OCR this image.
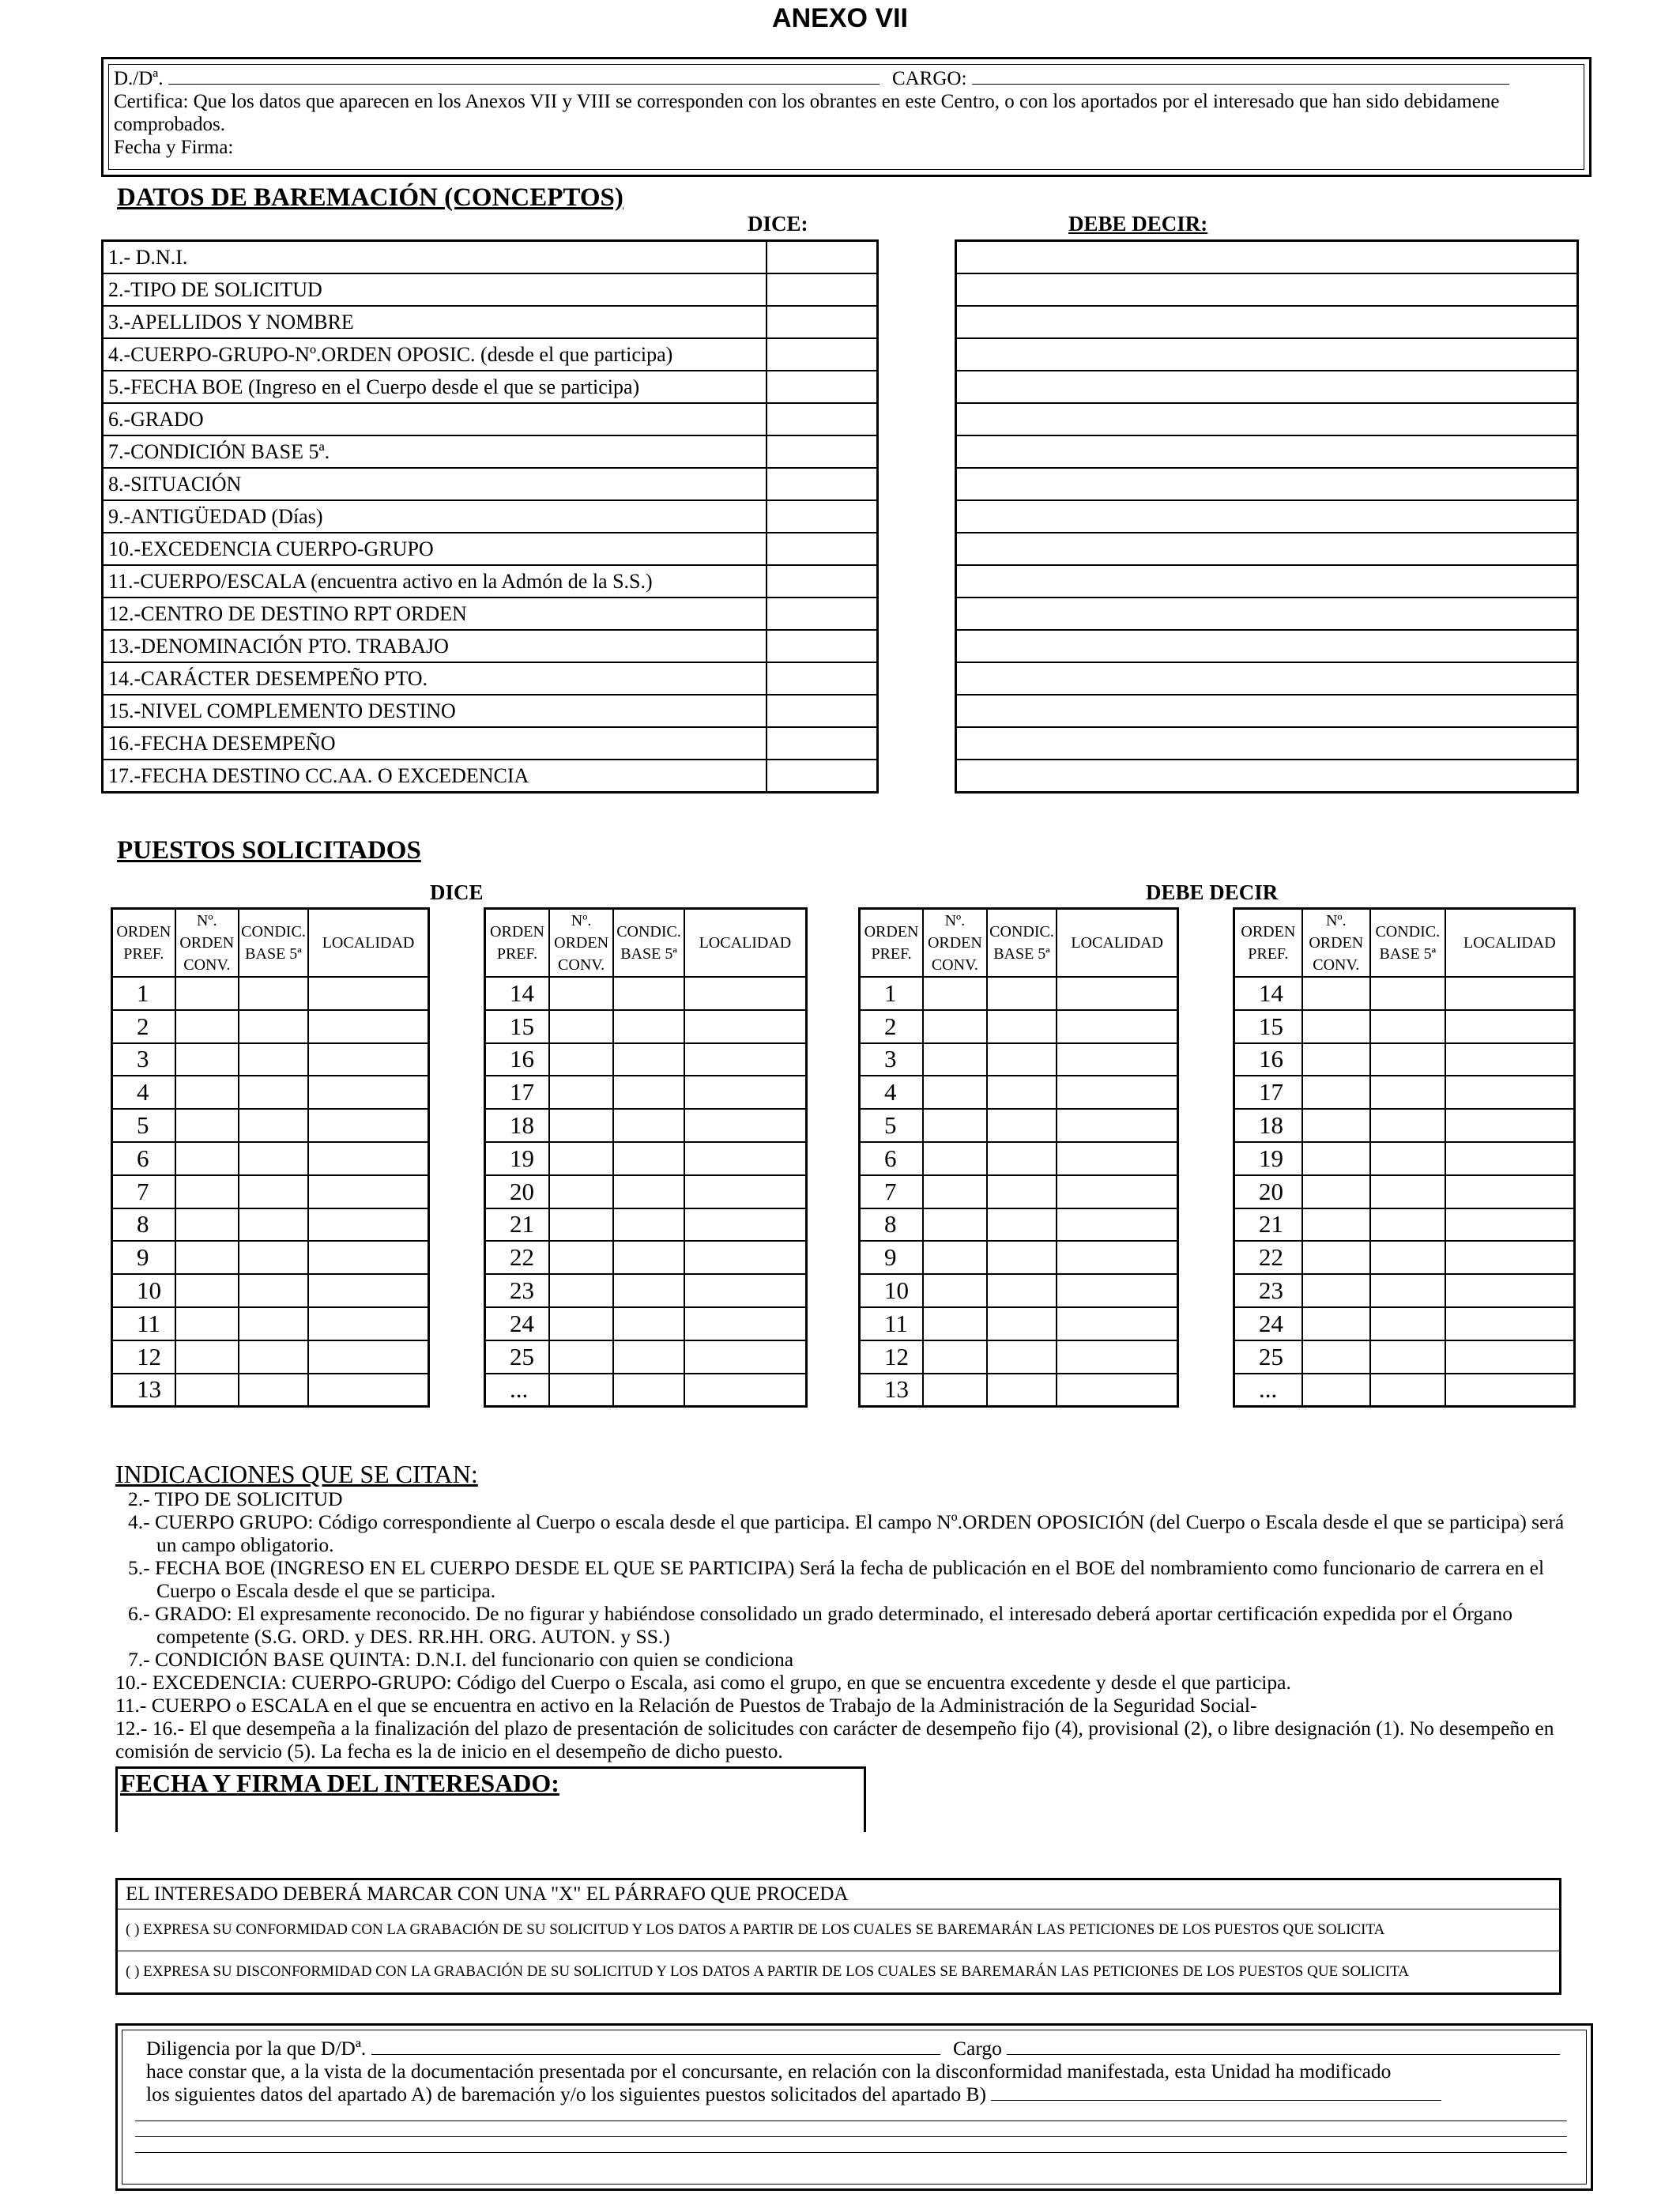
ANEXO VII
D./Dª.	CARGO:
Certifica: Que los datos que aparecen en los Anexos VII y VIII se corresponden con los obrantes en este Centro, o con los aportados por el interesado que han sido debidamene comprobados.
Fecha y Firma:
DATOS DE BAREMACIÓN (CONCEPTOS)
DICE:	DEBE DECIR:
1.- D.N.I.	
2.-TIPO DE SOLICITUD	
3.-APELLIDOS Y NOMBRE	
4.-CUERPO-GRUPO-Nº.ORDEN OPOSIC. (desde el que participa)	
5.-FECHA BOE (Ingreso en el Cuerpo desde el que se participa)	
6.-GRADO	
7.-CONDICIÓN BASE 5ª.	
8.-SITUACIÓN	
9.-ANTIGÜEDAD (Días)	
10.-EXCEDENCIA CUERPO-GRUPO	
11.-CUERPO/ESCALA (encuentra activo en la Admón de la S.S.)	
12.-CENTRO DE DESTINO RPT ORDEN	
13.-DENOMINACIÓN PTO. TRABAJO	
14.-CARÁCTER DESEMPEÑO PTO.	
15.-NIVEL COMPLEMENTO DESTINO	
16.-FECHA DESEMPEÑO	
17.-FECHA DESTINO CC.AA. O EXCEDENCIA	

PUESTOS SOLICITADOS
DICE	DEBE DECIR
ORDEN PREF.	Nº. ORDEN CONV.	CONDIC. BASE 5ª	LOCALIDAD
1			
2			
3			
4			
5			
6			
7			
8			
9			
10			
11			
12			
13			
ORDEN PREF.	Nº. ORDEN CONV.	CONDIC. BASE 5ª	LOCALIDAD
14			
15			
16			
17			
18			
19			
20			
21			
22			
23			
24			
25			
...			
ORDEN PREF.	Nº. ORDEN CONV.	CONDIC. BASE 5ª	LOCALIDAD
1			
2			
3			
4			
5			
6			
7			
8			
9			
10			
11			
12			
13			
ORDEN PREF.	Nº. ORDEN CONV.	CONDIC. BASE 5ª	LOCALIDAD
14			
15			
16			
17			
18			
19			
20			
21			
22			
23			
24			
25			
...			
INDICACIONES QUE SE CITAN:

2.- TIPO DE SOLICITUD

4.- CUERPO GRUPO: Código correspondiente al Cuerpo o escala desde el que participa. El campo Nº.ORDEN OPOSICIÓN (del Cuerpo o Escala desde el que se participa) será un campo obligatorio.

5.- FECHA BOE (INGRESO EN EL CUERPO DESDE EL QUE SE PARTICIPA) Será la fecha de publicación en el BOE del nombramiento como funcionario de carrera en el Cuerpo o Escala desde el que se participa.

6.- GRADO: El expresamente reconocido. De no figurar y habiéndose consolidado un grado determinado, el interesado deberá aportar certificación expedida por el Órgano competente (S.G. ORD. y DES. RR.HH. ORG. AUTON. y SS.)

7.- CONDICIÓN BASE QUINTA: D.N.I. del funcionario con quien se condiciona

10.- EXCEDENCIA: CUERPO-GRUPO: Código del Cuerpo o Escala, asi como el grupo, en que se encuentra excedente y desde el que participa.

11.- CUERPO o ESCALA en el que se encuentra en activo en la Relación de Puestos de Trabajo de la Administración de la Seguridad Social-

12.- 16.- El que desempeña a la finalización del plazo de presentación de solicitudes con carácter de desempeño fijo (4), provisional (2), o libre designación (1). No desempeño en comisión de servicio (5). La fecha es la de inicio en el desempeño de dicho puesto.

FECHA Y FIRMA DEL INTERESADO:
EL INTERESADO DEBERÁ MARCAR CON UNA "X" EL PÁRRAFO QUE PROCEDA
( ) EXPRESA SU CONFORMIDAD CON LA GRABACIÓN DE SU SOLICITUD Y LOS DATOS A PARTIR DE LOS CUALES SE BAREMARÁN LAS PETICIONES DE LOS PUESTOS QUE SOLICITA
( ) EXPRESA SU DISCONFORMIDAD CON LA GRABACIÓN DE SU SOLICITUD Y LOS DATOS A PARTIR DE LOS CUALES SE BAREMARÁN LAS PETICIONES DE LOS PUESTOS QUE SOLICITA
Diligencia por la que D/Dª.	Cargo
hace constar que, a la vista de la documentación presentada por el concursante, en relación con la disconformidad manifestada, esta Unidad ha modificado
los siguientes datos del apartado A) de baremación y/o los siguientes puestos solicitados del apartado B)
